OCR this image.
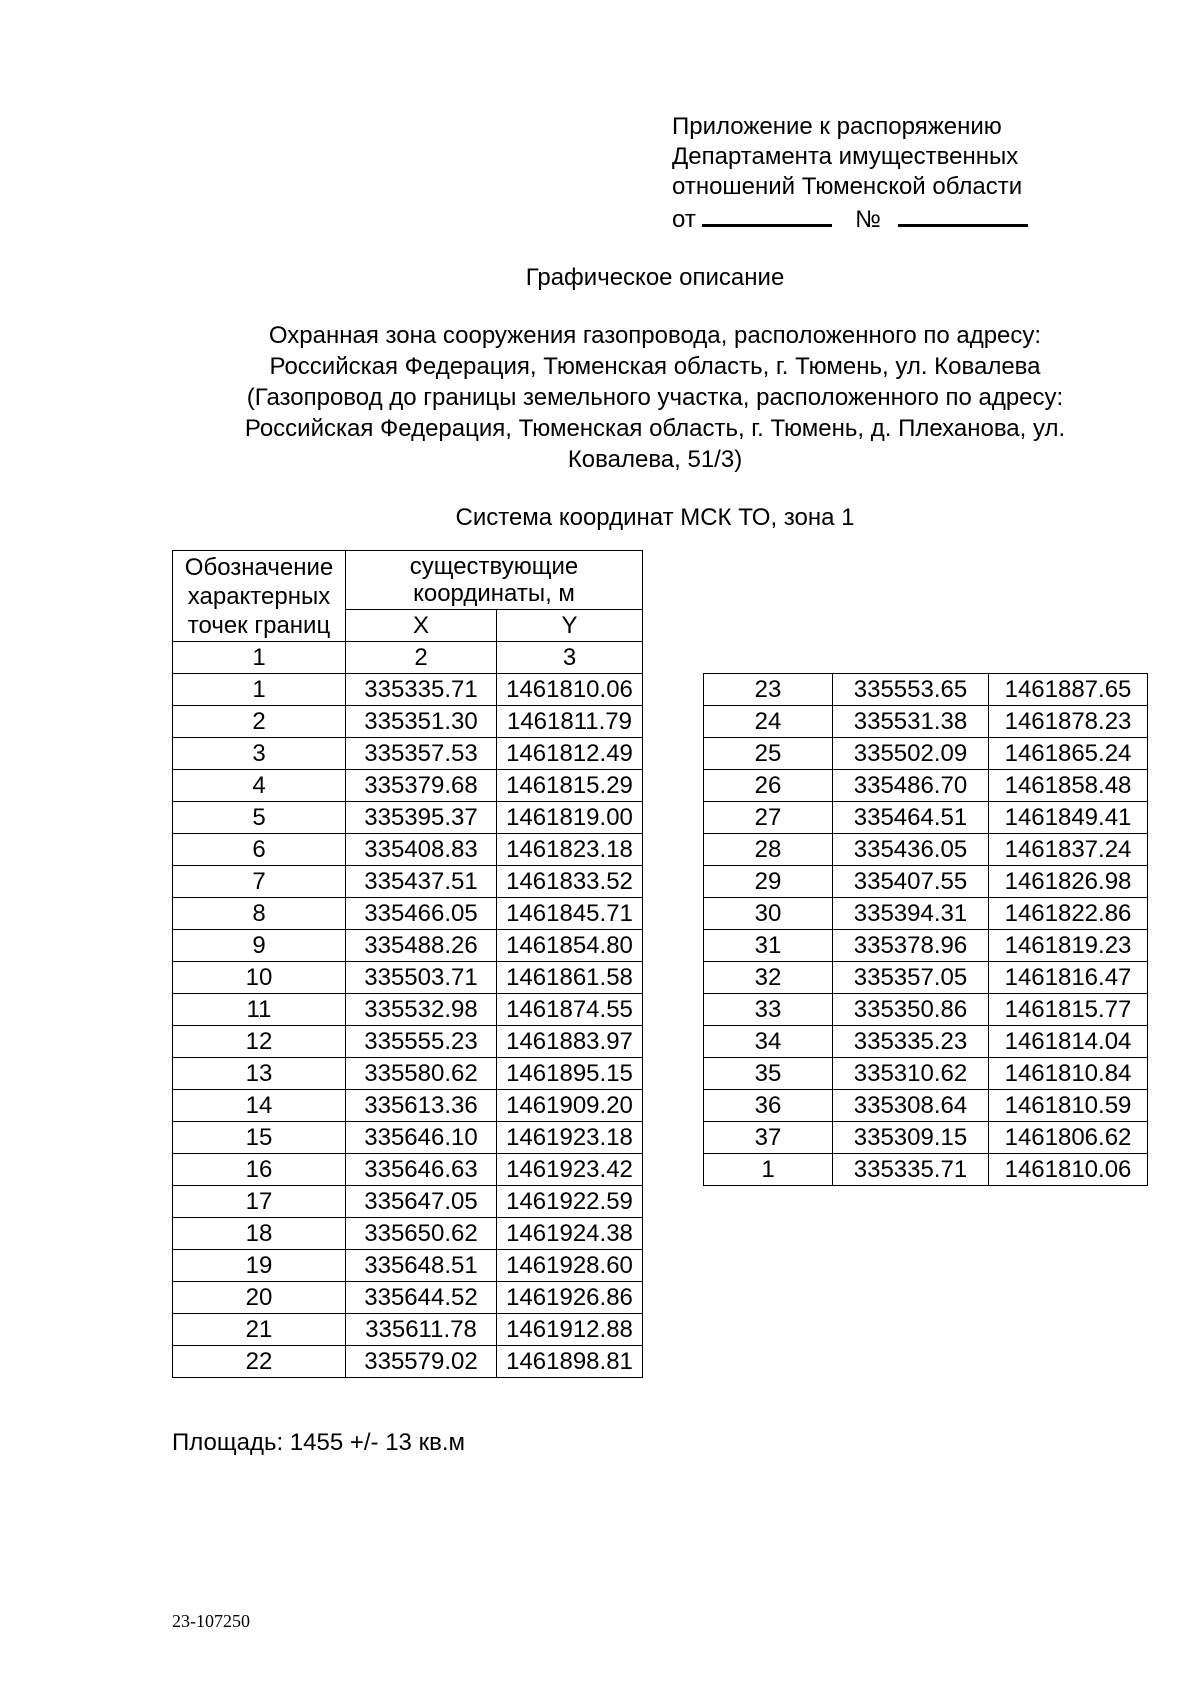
Приложение к распоряжению
Департамента имущественных
отношений Тюменской области
от	№
Графическое описание
Охранная зона сооружения газопровода, расположенного по адресу:
Российская Федерация, Тюменская область, г. Тюмень, ул. Ковалева
(Газопровод до границы земельного участка, расположенного по адресу:
Российская Федерация, Тюменская область, г. Тюмень, д. Плеханова, ул.
Ковалева, 51/3)
Система координат МСК ТО, зона 1
Обозначение характерных точек границ	существующие координаты, м	

	X	Y
1	2	3
1	335335.71	1461810.06
2	335351.30	1461811.79
3	335357.53	1461812.49
4	335379.68	1461815.29
5	335395.37	1461819.00
6	335408.83	1461823.18
7	335437.51	1461833.52
8	335466.05	1461845.71
9	335488.26	1461854.80
10	335503.71	1461861.58
11	335532.98	1461874.55
12	335555.23	1461883.97
13	335580.62	1461895.15
14	335613.36	1461909.20
15	335646.10	1461923.18
16	335646.63	1461923.42
17	335647.05	1461922.59
18	335650.62	1461924.38
19	335648.51	1461928.60
20	335644.52	1461926.86
21	335611.78	1461912.88
22	335579.02	1461898.81
23	335553.65	1461887.65
24	335531.38	1461878.23
25	335502.09	1461865.24
26	335486.70	1461858.48
27	335464.51	1461849.41
28	335436.05	1461837.24
29	335407.55	1461826.98
30	335394.31	1461822.86
31	335378.96	1461819.23
32	335357.05	1461816.47
33	335350.86	1461815.77
34	335335.23	1461814.04
35	335310.62	1461810.84
36	335308.64	1461810.59
37	335309.15	1461806.62
1	335335.71	1461810.06
Площадь: 1455 +/- 13 кв.м
23-107250
